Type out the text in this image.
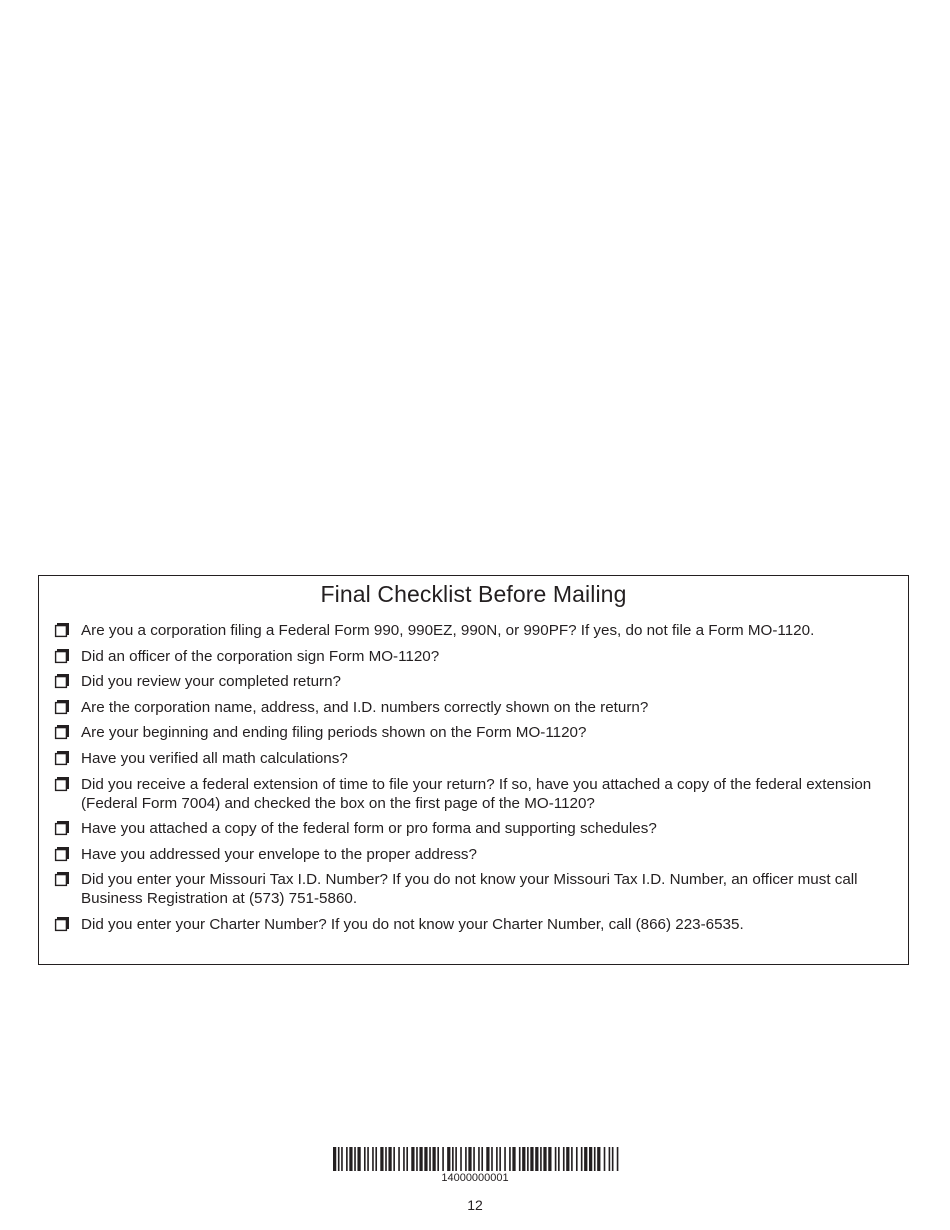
Final Checklist Before Mailing
Are you a corporation filing a Federal Form 990, 990EZ, 990N, or 990PF? If yes, do not file a Form MO-1120.
Did an officer of the corporation sign Form MO-1120?
Did you review your completed return?
Are the corporation name, address, and I.D. numbers correctly shown on the return?
Are your beginning and ending filing periods shown on the Form MO-1120?
Have you verified all math calculations?
Did you receive a federal extension of time to file your return? If so, have you attached a copy of the federal extension (Federal Form 7004) and checked the box on the first page of the MO-1120?
Have you attached a copy of the federal form or pro forma and supporting schedules?
Have you addressed your envelope to the proper address?
Did you enter your Missouri Tax I.D. Number? If you do not know your Missouri Tax I.D. Number, an officer must call Business Registration at (573) 751-5860.
Did you enter your Charter Number? If you do not know your Charter Number, call (866) 223-6535.
14000000001
12
